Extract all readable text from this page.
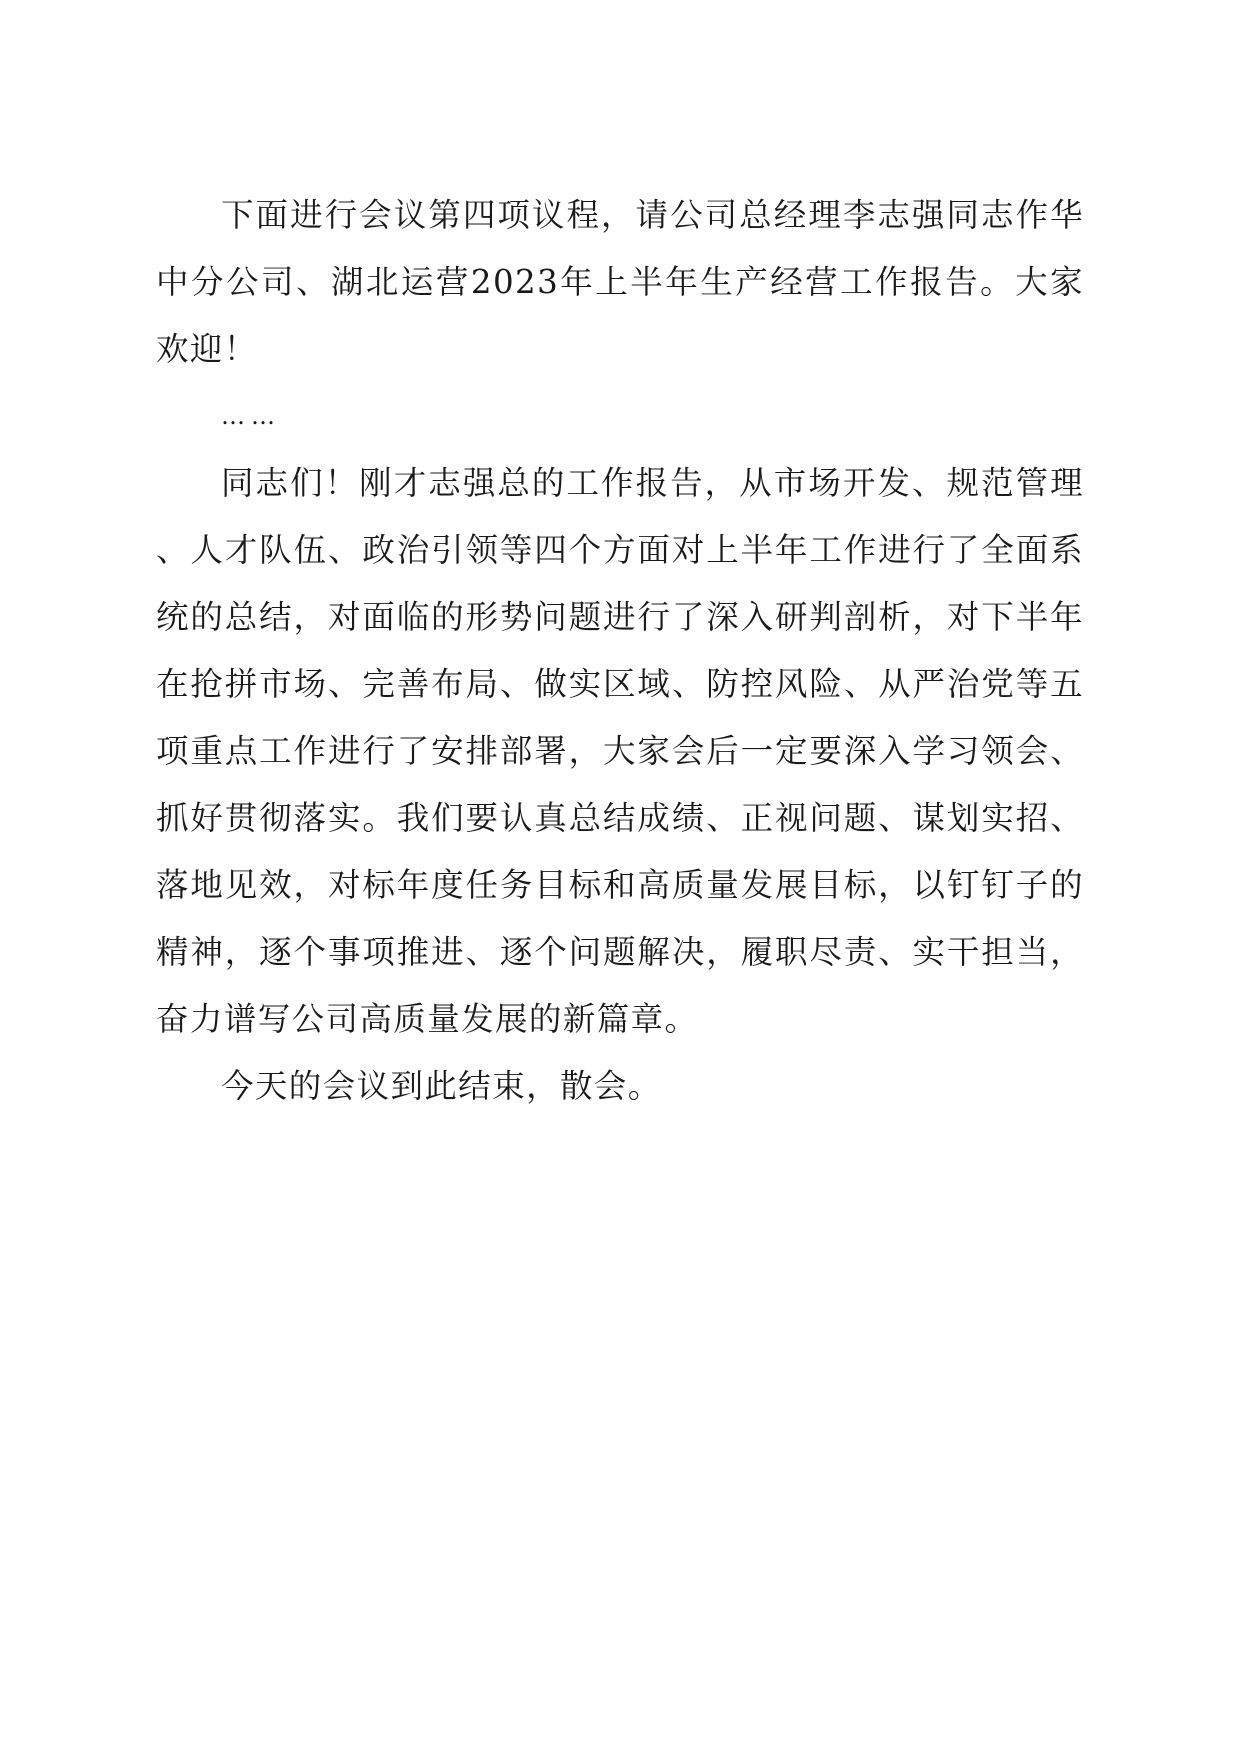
下面进行会议第四项议程，请公司总经理李志强同志作华中分公司、湖北运营2023年上半年生产经营工作报告。大家欢迎！

……

同志们！刚才志强总的工作报告，从市场开发、规范管理、人才队伍、政治引领等四个方面对上半年工作进行了全面系统的总结，对面临的形势问题进行了深入研判剖析，对下半年在抢拼市场、完善布局、做实区域、防控风险、从严治党等五项重点工作进行了安排部署，大家会后一定要深入学习领会、抓好贯彻落实。我们要认真总结成绩、正视问题、谋划实招、落地见效，对标年度任务目标和高质量发展目标，以钉钉子的精神，逐个事项推进、逐个问题解决，履职尽责、实干担当，奋力谱写公司高质量发展的新篇章。

今天的会议到此结束，散会。
